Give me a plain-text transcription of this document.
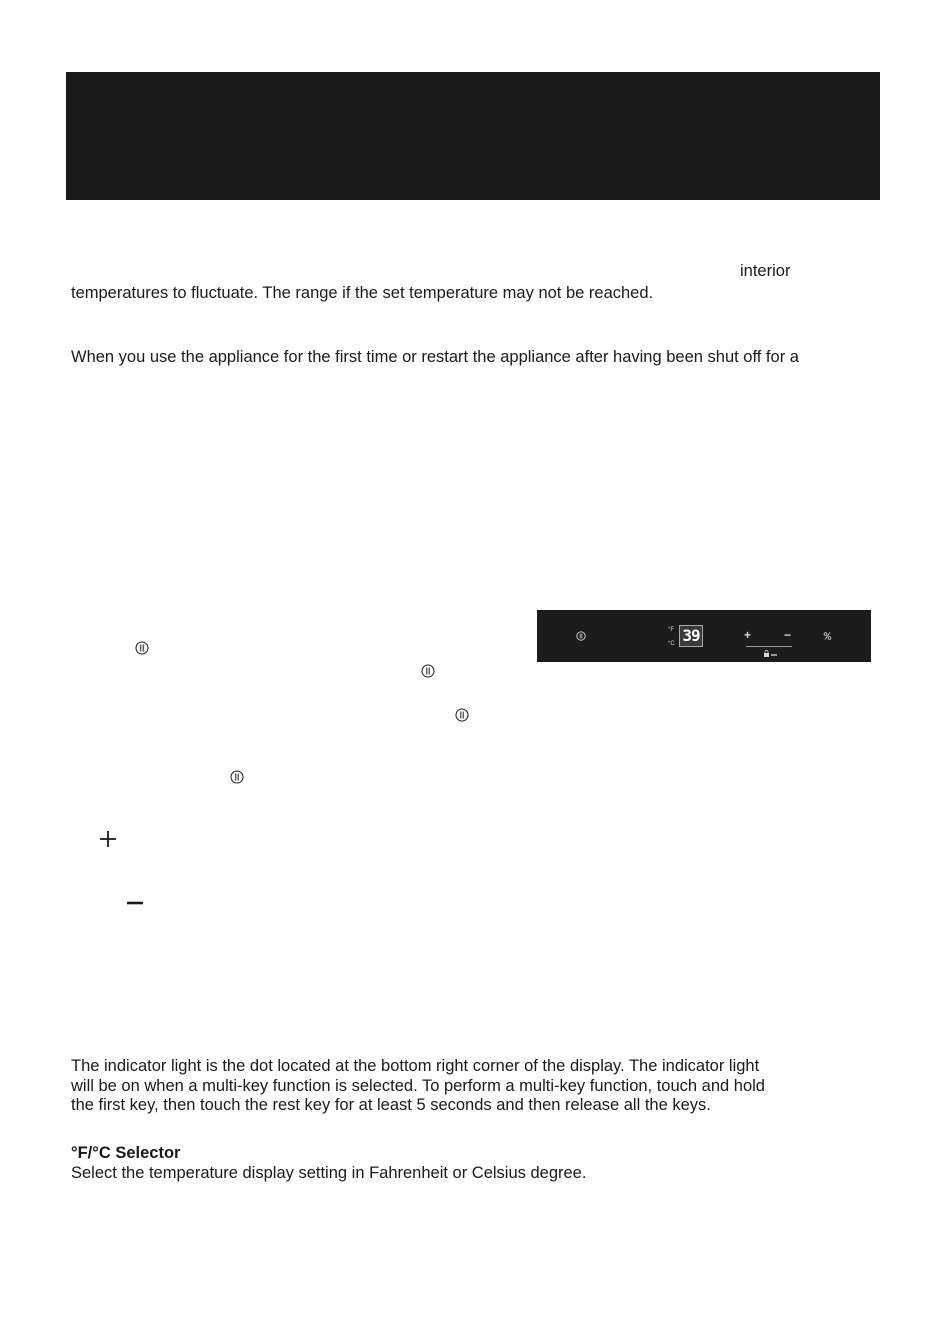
interior
temperatures to fluctuate. The range if the set temperature may not be reached.
When you use the appliance for the first time or restart the appliance after having been shut off for a
°F
°C 39	+	−

The indicator light is the dot located at the bottom right corner of the display. The indicator light

will be on when a multi-key function is selected. To perform a multi-key function, touch and hold

the first key, then touch the rest key for at least 5 seconds and then release all the keys.

°F/°C Selector

Select the temperature display setting in Fahrenheit or Celsius degree.
